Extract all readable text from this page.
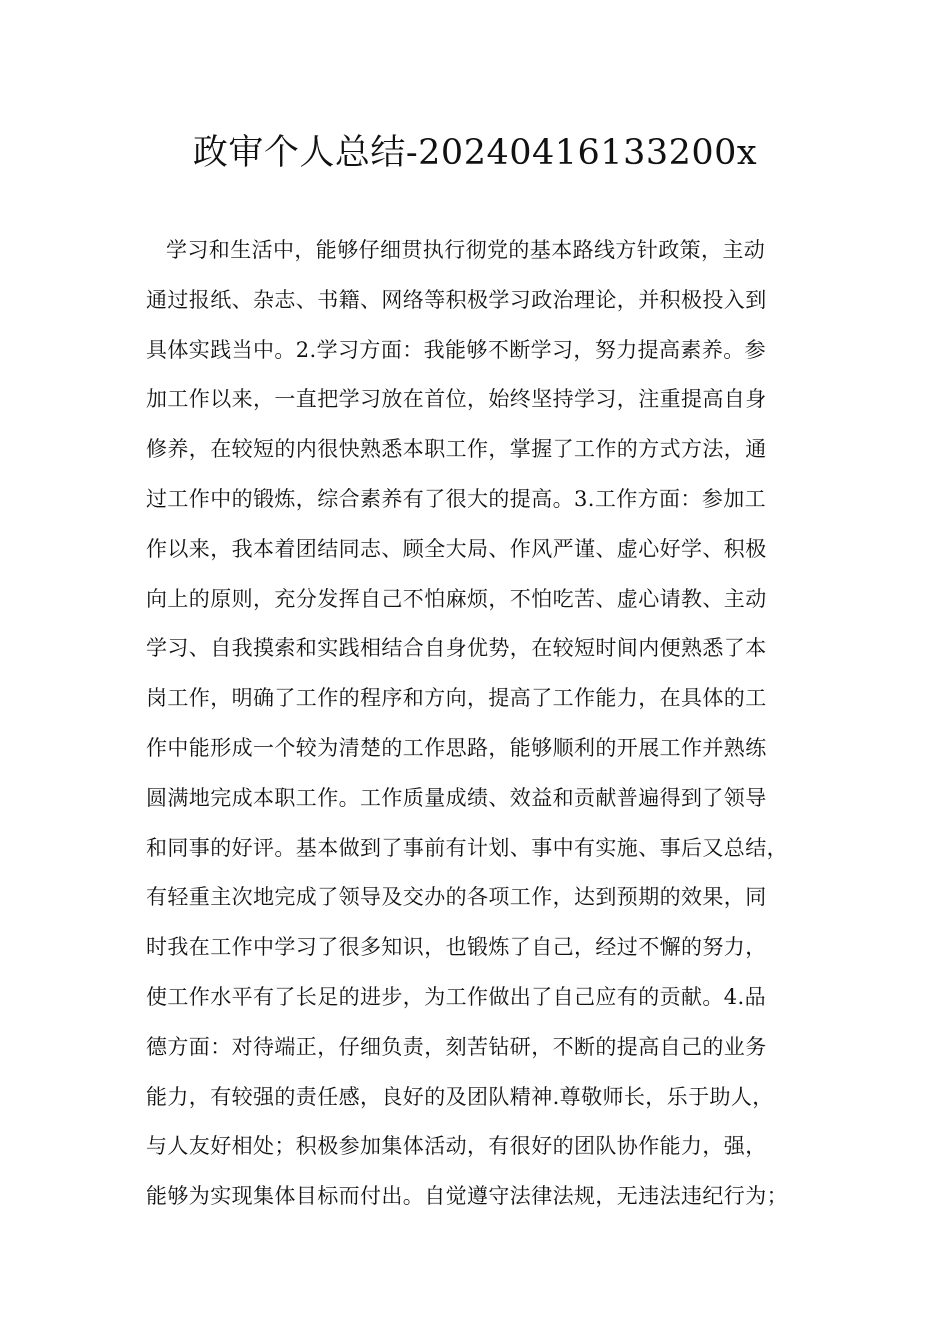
政审个人总结-20240416133200x
学习和生活中，能够仔细贯执行彻党的基本路线方针政策，主动
通过报纸、杂志、书籍、网络等积极学习政治理论，并积极投入到
具体实践当中。2.学习方面：我能够不断学习，努力提高素养。参
加工作以来，一直把学习放在首位，始终坚持学习，注重提高自身
修养，在较短的内很快熟悉本职工作，掌握了工作的方式方法，通
过工作中的锻炼，综合素养有了很大的提高。3.工作方面：参加工
作以来，我本着团结同志、顾全大局、作风严谨、虚心好学、积极
向上的原则，充分发挥自己不怕麻烦，不怕吃苦、虚心请教、主动
学习、自我摸索和实践相结合自身优势，在较短时间内便熟悉了本
岗工作，明确了工作的程序和方向，提高了工作能力，在具体的工
作中能形成一个较为清楚的工作思路，能够顺利的开展工作并熟练
圆满地完成本职工作。工作质量成绩、效益和贡献普遍得到了领导
和同事的好评。基本做到了事前有计划、事中有实施、事后又总结，
有轻重主次地完成了领导及交办的各项工作，达到预期的效果，同
时我在工作中学习了很多知识，也锻炼了自己，经过不懈的努力，
使工作水平有了长足的进步，为工作做出了自己应有的贡献。4.品
德方面：对待端正，仔细负责，刻苦钻研，不断的提高自己的业务
能力，有较强的责任感，良好的及团队精神.尊敬师长，乐于助人，
与人友好相处；积极参加集体活动，有很好的团队协作能力，强，
能够为实现集体目标而付出。自觉遵守法律法规，无违法违纪行为；
